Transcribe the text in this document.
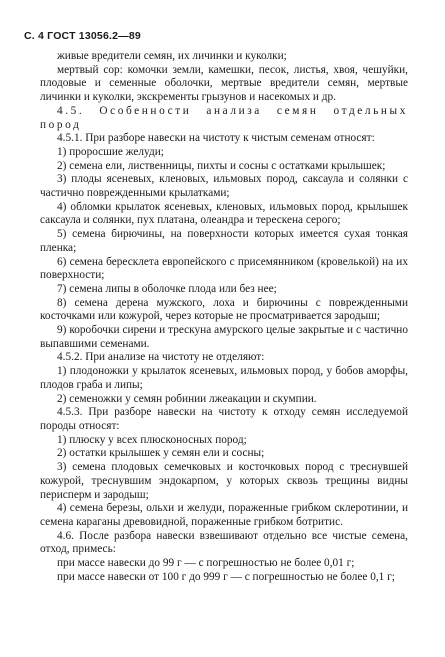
С. 4 ГОСТ 13056.2—89

живые вредители семян, их личинки и куколки;

мертвый сор: комочки земли, камешки, песок, листья, хвоя, чешуйки, плодовые и семенные оболочки, мертвые вредители семян, мертвые личинки и куколки, экскременты грызунов и насекомых и др.

4.5. Особенности анализа семян отдельных пород

4.5.1. При разборе навески на чистоту к чистым семенам относят:

1) проросшие желуди;

2) семена ели, лиственницы, пихты и сосны с остатками крылышек;

3) плоды ясеневых, кленовых, ильмовых пород, саксаула и солянки с частично поврежденными крылатками;

4) обломки крылаток ясеневых, кленовых, ильмовых пород, крылышек саксаула и солянки, пух платана, олеандра и терескена серого;

5) семена бирючины, на поверхности которых имеется сухая тонкая пленка;

6) семена бересклета европейского с присемянником (кровелькой) на их поверхности;

7) семена липы в оболочке плода или без нее;

8) семена дерена мужского, лоха и бирючины с поврежденными косточками или кожурой, через которые не просматривается зародыш;

9) коробочки сирени и трескуна амурского целые закрытые и с частично выпавшими семенами.

4.5.2. При анализе на чистоту не отделяют:

1) плодоножки у крылаток ясеневых, ильмовых пород, у бобов аморфы, плодов граба и липы;

2) семеножки у семян робинии лжеакации и скумпии.

4.5.3. При разборе навески на чистоту к отходу семян исследуемой породы относят:

1) плюску у всех плюсконосных пород;

2) остатки крылышек у семян ели и сосны;

3) семена плодовых семечковых и косточковых пород с треснувшей кожурой, треснувшим эндокарпом, у которых сквозь трещины видны перисперм и зародыш;

4) семена березы, ольхи и желуди, пораженные грибком склеротинии, и семена караганы древовидной, пораженные грибком ботритис.

4.6. После разбора навески взвешивают отдельно все чистые семена, отход, примесь:

при массе навески до 99 г — с погрешностью не более 0,01 г;

при массе навески от 100 г до 999 г — с погрешностью не более 0,1 г;
